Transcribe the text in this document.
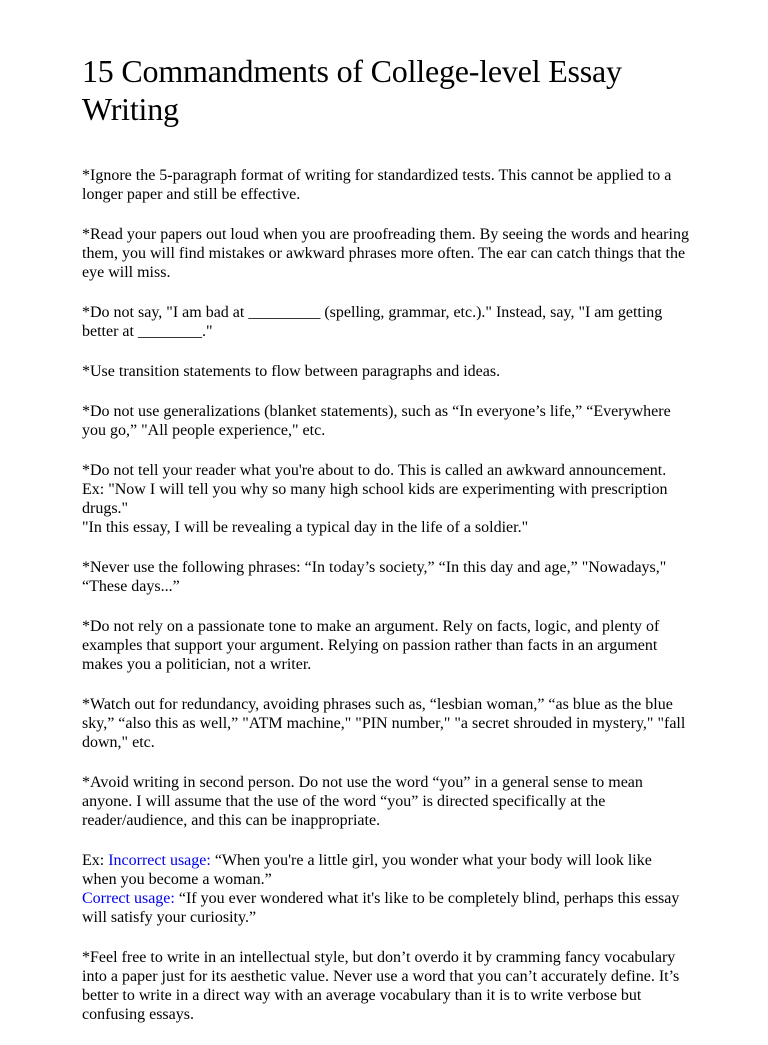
15 Commandments of College-level Essay Writing

*Ignore the 5-paragraph format of writing for standardized tests. This cannot be applied to a longer paper and still be effective.

*Read your papers out loud when you are proofreading them. By seeing the words and hearing them, you will find mistakes or awkward phrases more often. The ear can catch things that the eye will miss.

*Do not say, "I am bad at _________ (spelling, grammar, etc.)." Instead, say, "I am getting better at ________."

*Use transition statements to flow between paragraphs and ideas.

*Do not use generalizations (blanket statements), such as “In everyone’s life,” “Everywhere you go,” "All people experience," etc.

*Do not tell your reader what you're about to do. This is called an awkward announcement.
Ex: "Now I will tell you why so many high school kids are experimenting with prescription drugs."
"In this essay, I will be revealing a typical day in the life of a soldier."

*Never use the following phrases: “In today’s society,” “In this day and age,” "Nowadays," “These days...”

*Do not rely on a passionate tone to make an argument. Rely on facts, logic, and plenty of examples that support your argument. Relying on passion rather than facts in an argument makes you a politician, not a writer.

*Watch out for redundancy, avoiding phrases such as, “lesbian woman,” “as blue as the blue sky,” “also this as well,” "ATM machine," "PIN number," "a secret shrouded in mystery," "fall down," etc.

*Avoid writing in second person. Do not use the word “you” in a general sense to mean anyone. I will assume that the use of the word “you” is directed specifically at the reader/audience, and this can be inappropriate.

Ex: Incorrect usage: “When you're a little girl, you wonder what your body will look like when you become a woman.”
Correct usage: “If you ever wondered what it's like to be completely blind, perhaps this essay will satisfy your curiosity.”

*Feel free to write in an intellectual style, but don’t overdo it by cramming fancy vocabulary into a paper just for its aesthetic value. Never use a word that you can’t accurately define. It’s better to write in a direct way with an average vocabulary than it is to write verbose but confusing essays.
